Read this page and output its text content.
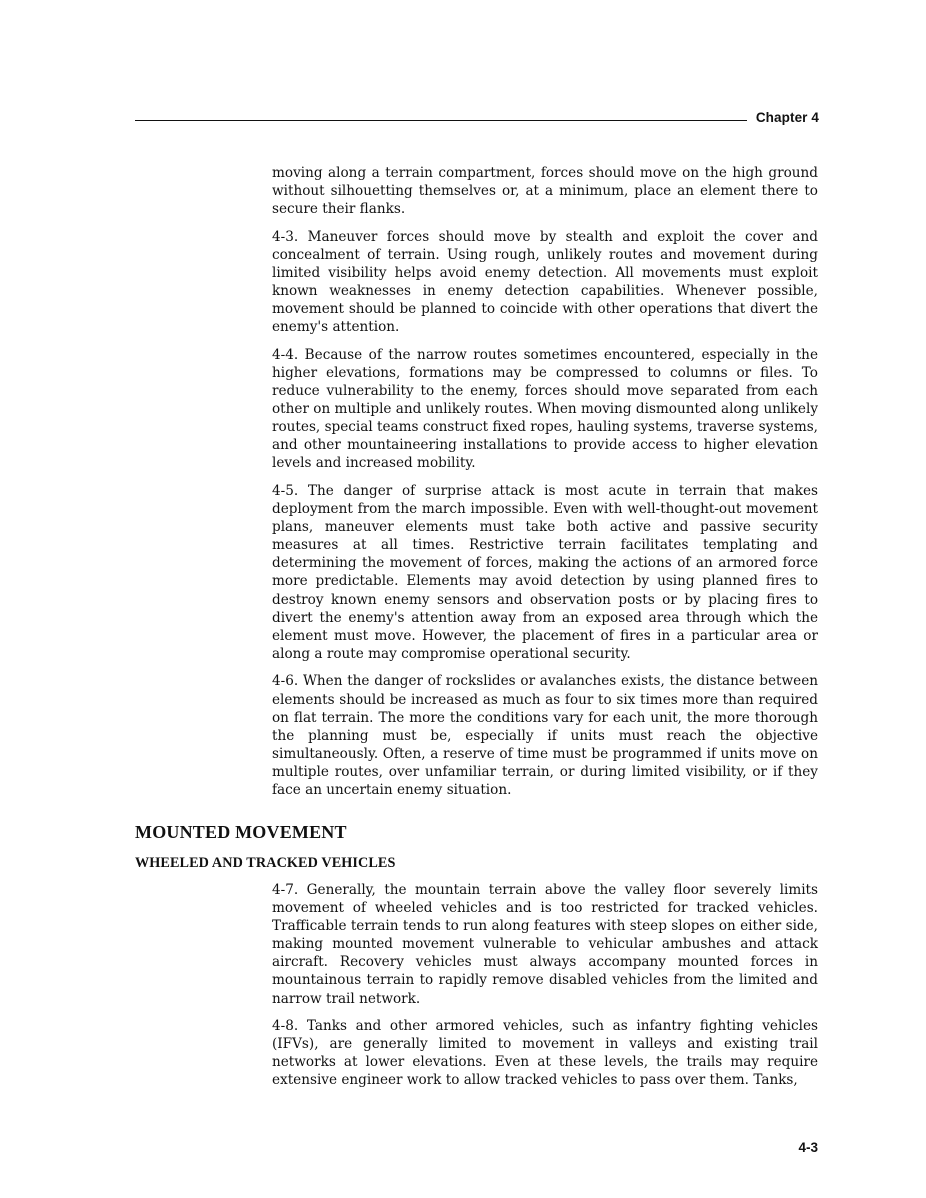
Chapter 4

moving along a terrain compartment, forces should move on the high ground without silhouetting themselves or, at a minimum, place an element there to secure their flanks.

4-3. Maneuver forces should move by stealth and exploit the cover and concealment of terrain. Using rough, unlikely routes and movement during limited visibility helps avoid enemy detection. All movements must exploit known weaknesses in enemy detection capabilities. Whenever possible, movement should be planned to coincide with other operations that divert the enemy's attention.

4-4. Because of the narrow routes sometimes encountered, especially in the higher elevations, formations may be compressed to columns or files. To reduce vulnerability to the enemy, forces should move separated from each other on multiple and unlikely routes. When moving dismounted along unlikely routes, special teams construct fixed ropes, hauling systems, traverse systems, and other mountaineering installations to provide access to higher elevation levels and increased mobility.

4-5. The danger of surprise attack is most acute in terrain that makes deployment from the march impossible. Even with well-thought-out movement plans, maneuver elements must take both active and passive security measures at all times. Restrictive terrain facilitates templating and determining the movement of forces, making the actions of an armored force more predictable. Elements may avoid detection by using planned fires to destroy known enemy sensors and observation posts or by placing fires to divert the enemy's attention away from an exposed area through which the element must move. However, the placement of fires in a particular area or along a route may compromise operational security.

4-6. When the danger of rockslides or avalanches exists, the distance between elements should be increased as much as four to six times more than required on flat terrain. The more the conditions vary for each unit, the more thorough the planning must be, especially if units must reach the objective simultaneously. Often, a reserve of time must be programmed if units move on multiple routes, over unfamiliar terrain, or during limited visibility, or if they face an uncertain enemy situation.

MOUNTED MOVEMENT
WHEELED AND TRACKED VEHICLES

4-7. Generally, the mountain terrain above the valley floor severely limits movement of wheeled vehicles and is too restricted for tracked vehicles. Trafficable terrain tends to run along features with steep slopes on either side, making mounted movement vulnerable to vehicular ambushes and attack aircraft. Recovery vehicles must always accompany mounted forces in mountainous terrain to rapidly remove disabled vehicles from the limited and narrow trail network.

4-8. Tanks and other armored vehicles, such as infantry fighting vehicles (IFVs), are generally limited to movement in valleys and existing trail networks at lower elevations. Even at these levels, the trails may require extensive engineer work to allow tracked vehicles to pass over them. Tanks,

4-3
